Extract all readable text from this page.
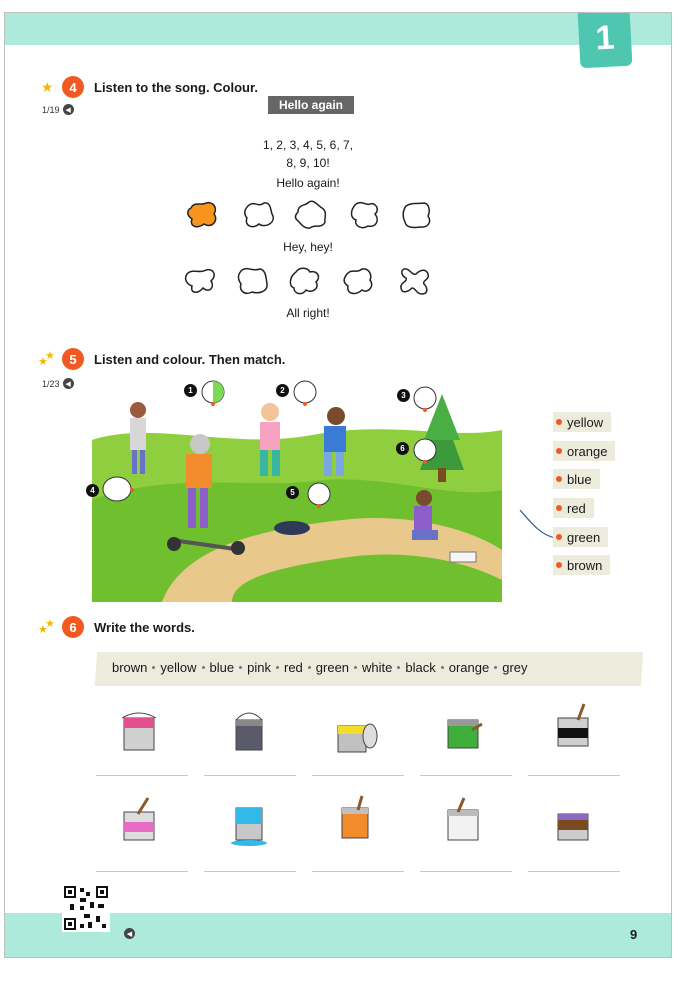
1
★	4	Listen to the song. Colour.
1/19 ◀	Hello again
1, 2, 3, 4, 5, 6, 7,
8, 9, 10!
Hello again!
Hey, hey!
All right!
★
★	5	Listen and colour. Then match.
1/23 ◀
1	2
3
4	5
6
yellow
orange
blue
red
green
brown
★
★	6	Write the words.
brown yellow blue pink red green white black orange grey
◀	9
